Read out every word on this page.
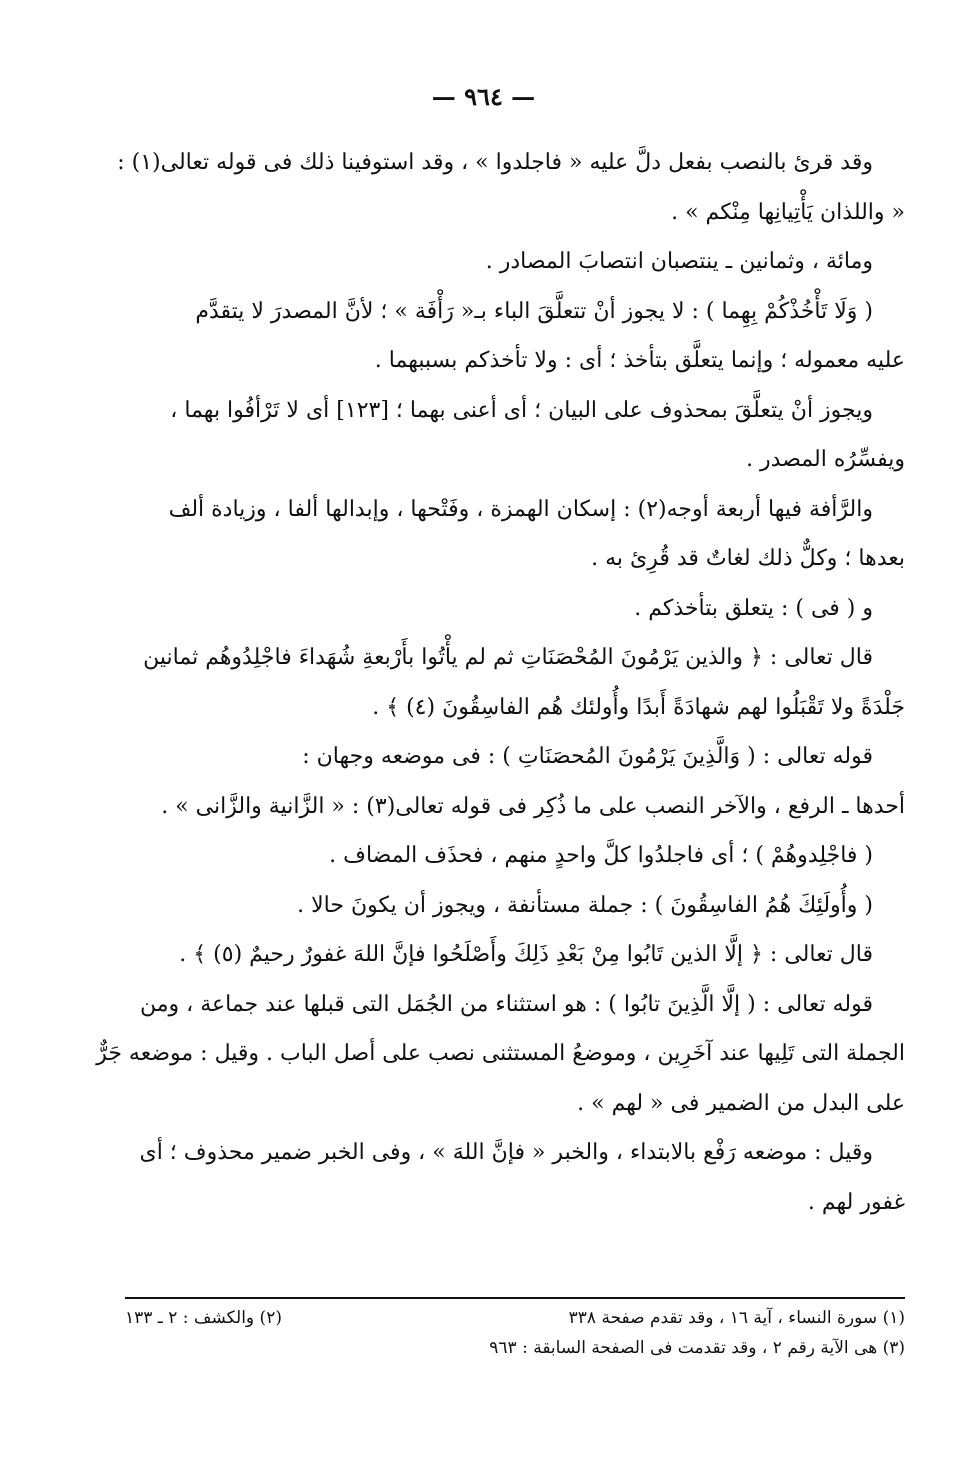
— ٩٦٤ —
وقد قرئ بالنصب بفعل دلَّ عليه « فاجلدوا » ، وقد استوفينا ذلك فى قوله تعالى(١) :
« واللذان يَأْتِيانِها مِنْكم » .
ومائة ، وثمانين ـ ينتصبان انتصابَ المصادر .
( وَلَا تَأْخُذْكُمْ بِهِما ) : لا يجوز أنْ تتعلَّقَ الباء بـ« رَأْفَة » ؛ لأنَّ المصدرَ لا يتقدَّم
عليه معموله ؛ وإنما يتعلَّق بتأخذ ؛ أى : ولا تأخذكم بسببهما .
ويجوز أنْ يتعلَّقَ بمحذوف على البيان ؛ أى أعنى بهما ؛ [١٢٣] أى لا تَرْأفُوا بهما ،
ويفسِّرُه المصدر .
والرَّأفة فيها أربعة أوجه(٢) : إسكان الهمزة ، وفَتْحها ، وإبدالها ألفا ، وزيادة ألف
بعدها ؛ وكلٌّ ذلك لغاتٌ قد قُرِئ به .
و ( فى ) : يتعلق بتأخذكم .
قال تعالى : ﴿ والذين يَرْمُونَ المُحْصَنَاتِ ثم لم يأْتُوا بأَرْبعةِ شُهَداءَ فاجْلِدُوهُم ثمانين
جَلْدَةً ولا تَقْبَلُوا لهم شهادَةً أَبدًا وأُولئك هُم الفاسِقُونَ (٤) ﴾ .
قوله تعالى : ( وَالَّذِينَ يَرْمُونَ المُحصَنَاتِ ) : فى موضعه وجهان :
أحدها ـ الرفع ، والآخر النصب على ما ذُكِر فى قوله تعالى(٣) : « الزَّانية والزَّانى » .
( فاجْلِدوهُمْ ) ؛ أى فاجلدُوا كلَّ واحدٍ منهم ، فحذَف المضاف .
( وأُولَئِكَ هُمُ الفاسِقُونَ ) : جملة مستأنفة ، ويجوز أن يكونَ حالا .
قال تعالى : ﴿ إلَّا الذين تَابُوا مِنْ بَعْدِ ذَلِكَ وأَصْلَحُوا فإنَّ اللهَ غفورٌ رحيمٌ (٥) ﴾ .
قوله تعالى : ( إلَّا الَّذِينَ تابُوا ) : هو استثناء من الجُمَل التى قبلها عند جماعة ، ومن
الجملة التى تَلِيها عند آخَرِين ، وموضعُ المستثنى نصب على أصل الباب . وقيل : موضعه جَرٌّ
على البدل من الضمير فى « لهم » .
وقيل : موضعه رَفْع بالابتداء ، والخبر « فإنَّ اللهَ » ، وفى الخبر ضمير محذوف ؛ أى
غفور لهم .
(١) سورة النساء ، آية ١٦ ، وقد تقدم صفحة ٣٣٨
(٢) والكشف : ٢ ـ ١٣٣
(٣) هى الآية رقم ٢ ، وقد تقدمت فى الصفحة السابقة : ٩٦٣
